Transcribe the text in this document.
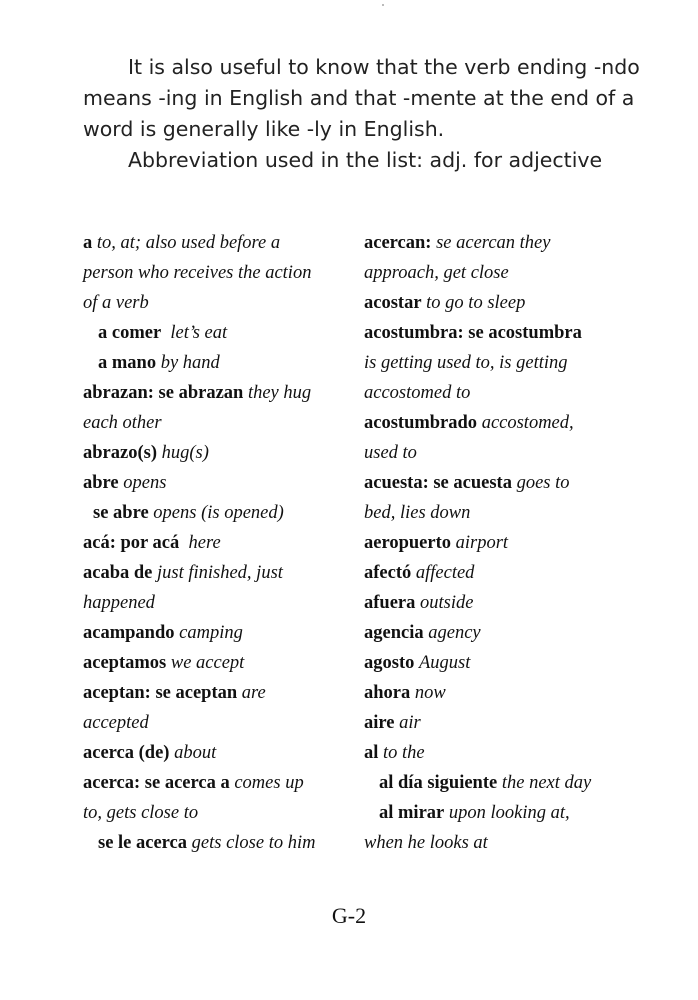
It is also useful to know that the verb ending -ndo

means -ing in English and that -mente at the end of a

word is generally like -ly in English.

Abbreviation used in the list: adj. for adjective

a to, at; also used before a
person who receives the action
of a verb
a comer let’s eat
a mano by hand
abrazan: se abrazan they hug
each other
abrazo(s) hug(s)
abre opens
se abre opens (is opened)
acá: por acá here
acaba de just finished, just
happened
acampando camping
aceptamos we accept
aceptan: se aceptan are
accepted
acerca (de) about
acerca: se acerca a comes up
to, gets close to
se le acerca gets close to him
acercan: se acercan they
approach, get close
acostar to go to sleep
acostumbra: se acostumbra
is getting used to, is getting
accostomed to
acostumbrado accostomed,
used to
acuesta: se acuesta goes to
bed, lies down
aeropuerto airport
afectó affected
afuera outside
agencia agency
agosto August
ahora now
aire air
al to the
al día siguiente the next day
al mirar upon looking at,
when he looks at
G-2
